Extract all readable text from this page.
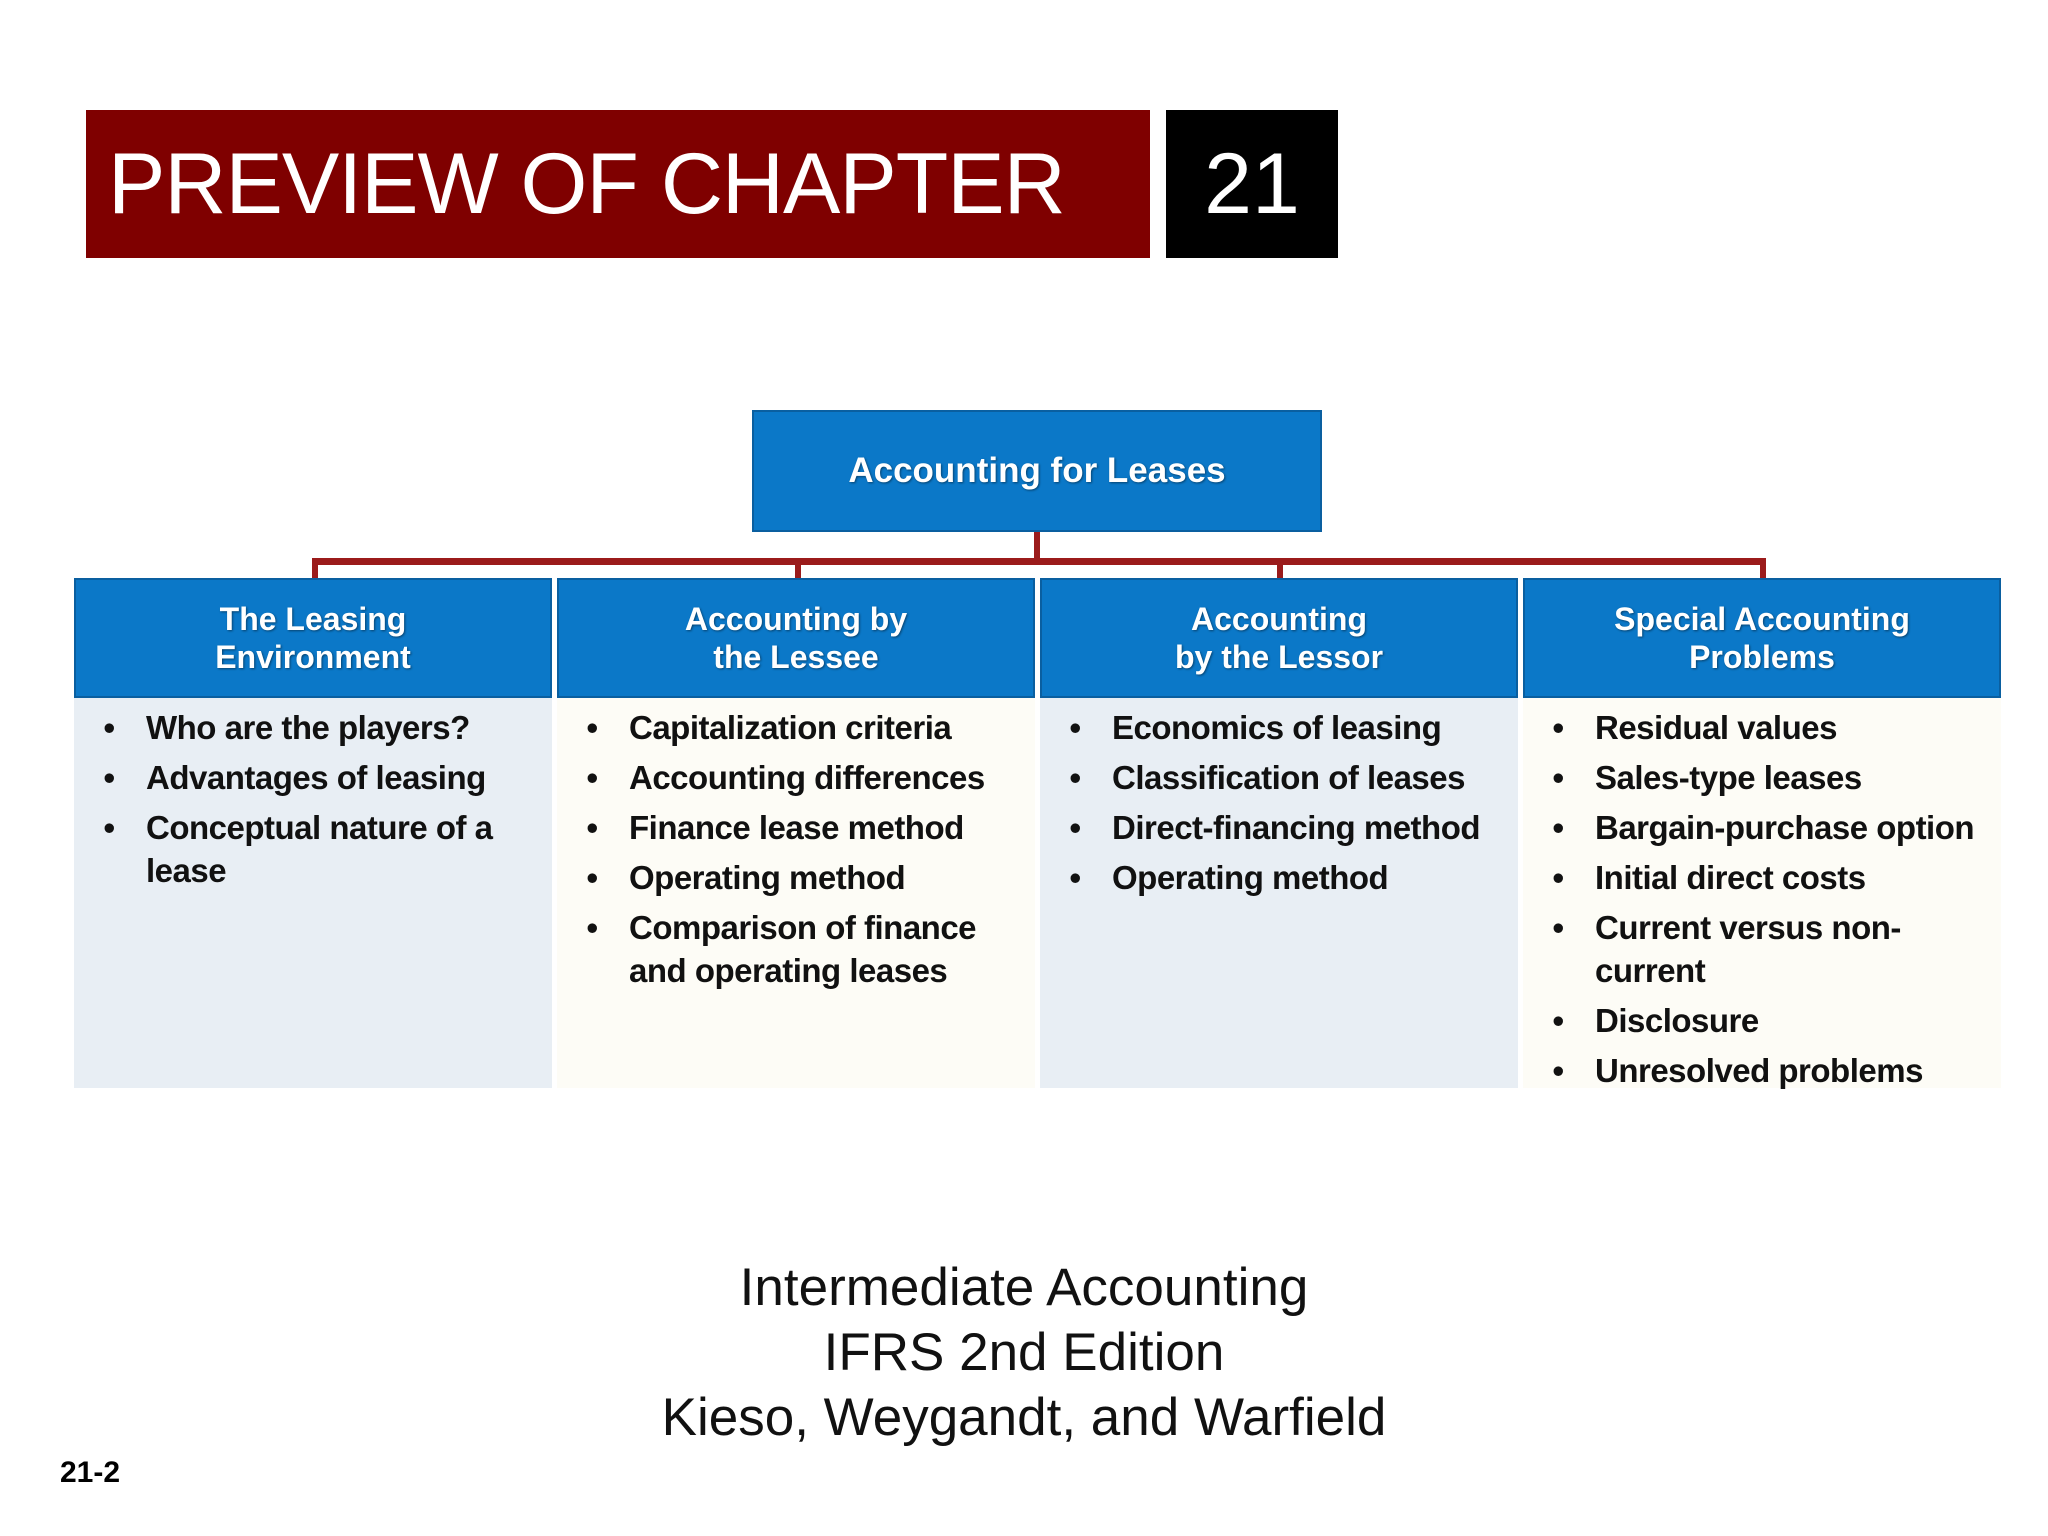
PREVIEW OF CHAPTER 21
Accounting for Leases
The Leasing
Environment
• Who are the players?
• Advantages of leasing
• Conceptual nature of a lease
Accounting by
the Lessee
• Capitalization criteria
• Accounting differences
• Finance lease method
• Operating method
• Comparison of finance and operating leases
Accounting
by the Lessor
• Economics of leasing
• Classification of leases
• Direct-financing method
• Operating method
Special Accounting
Problems
• Residual values
• Sales-type leases
• Bargain-purchase option
• Initial direct costs
• Current versus non-current
• Disclosure
• Unresolved problems
Intermediate Accounting
IFRS 2nd Edition
Kieso, Weygandt, and Warfield
21-2
